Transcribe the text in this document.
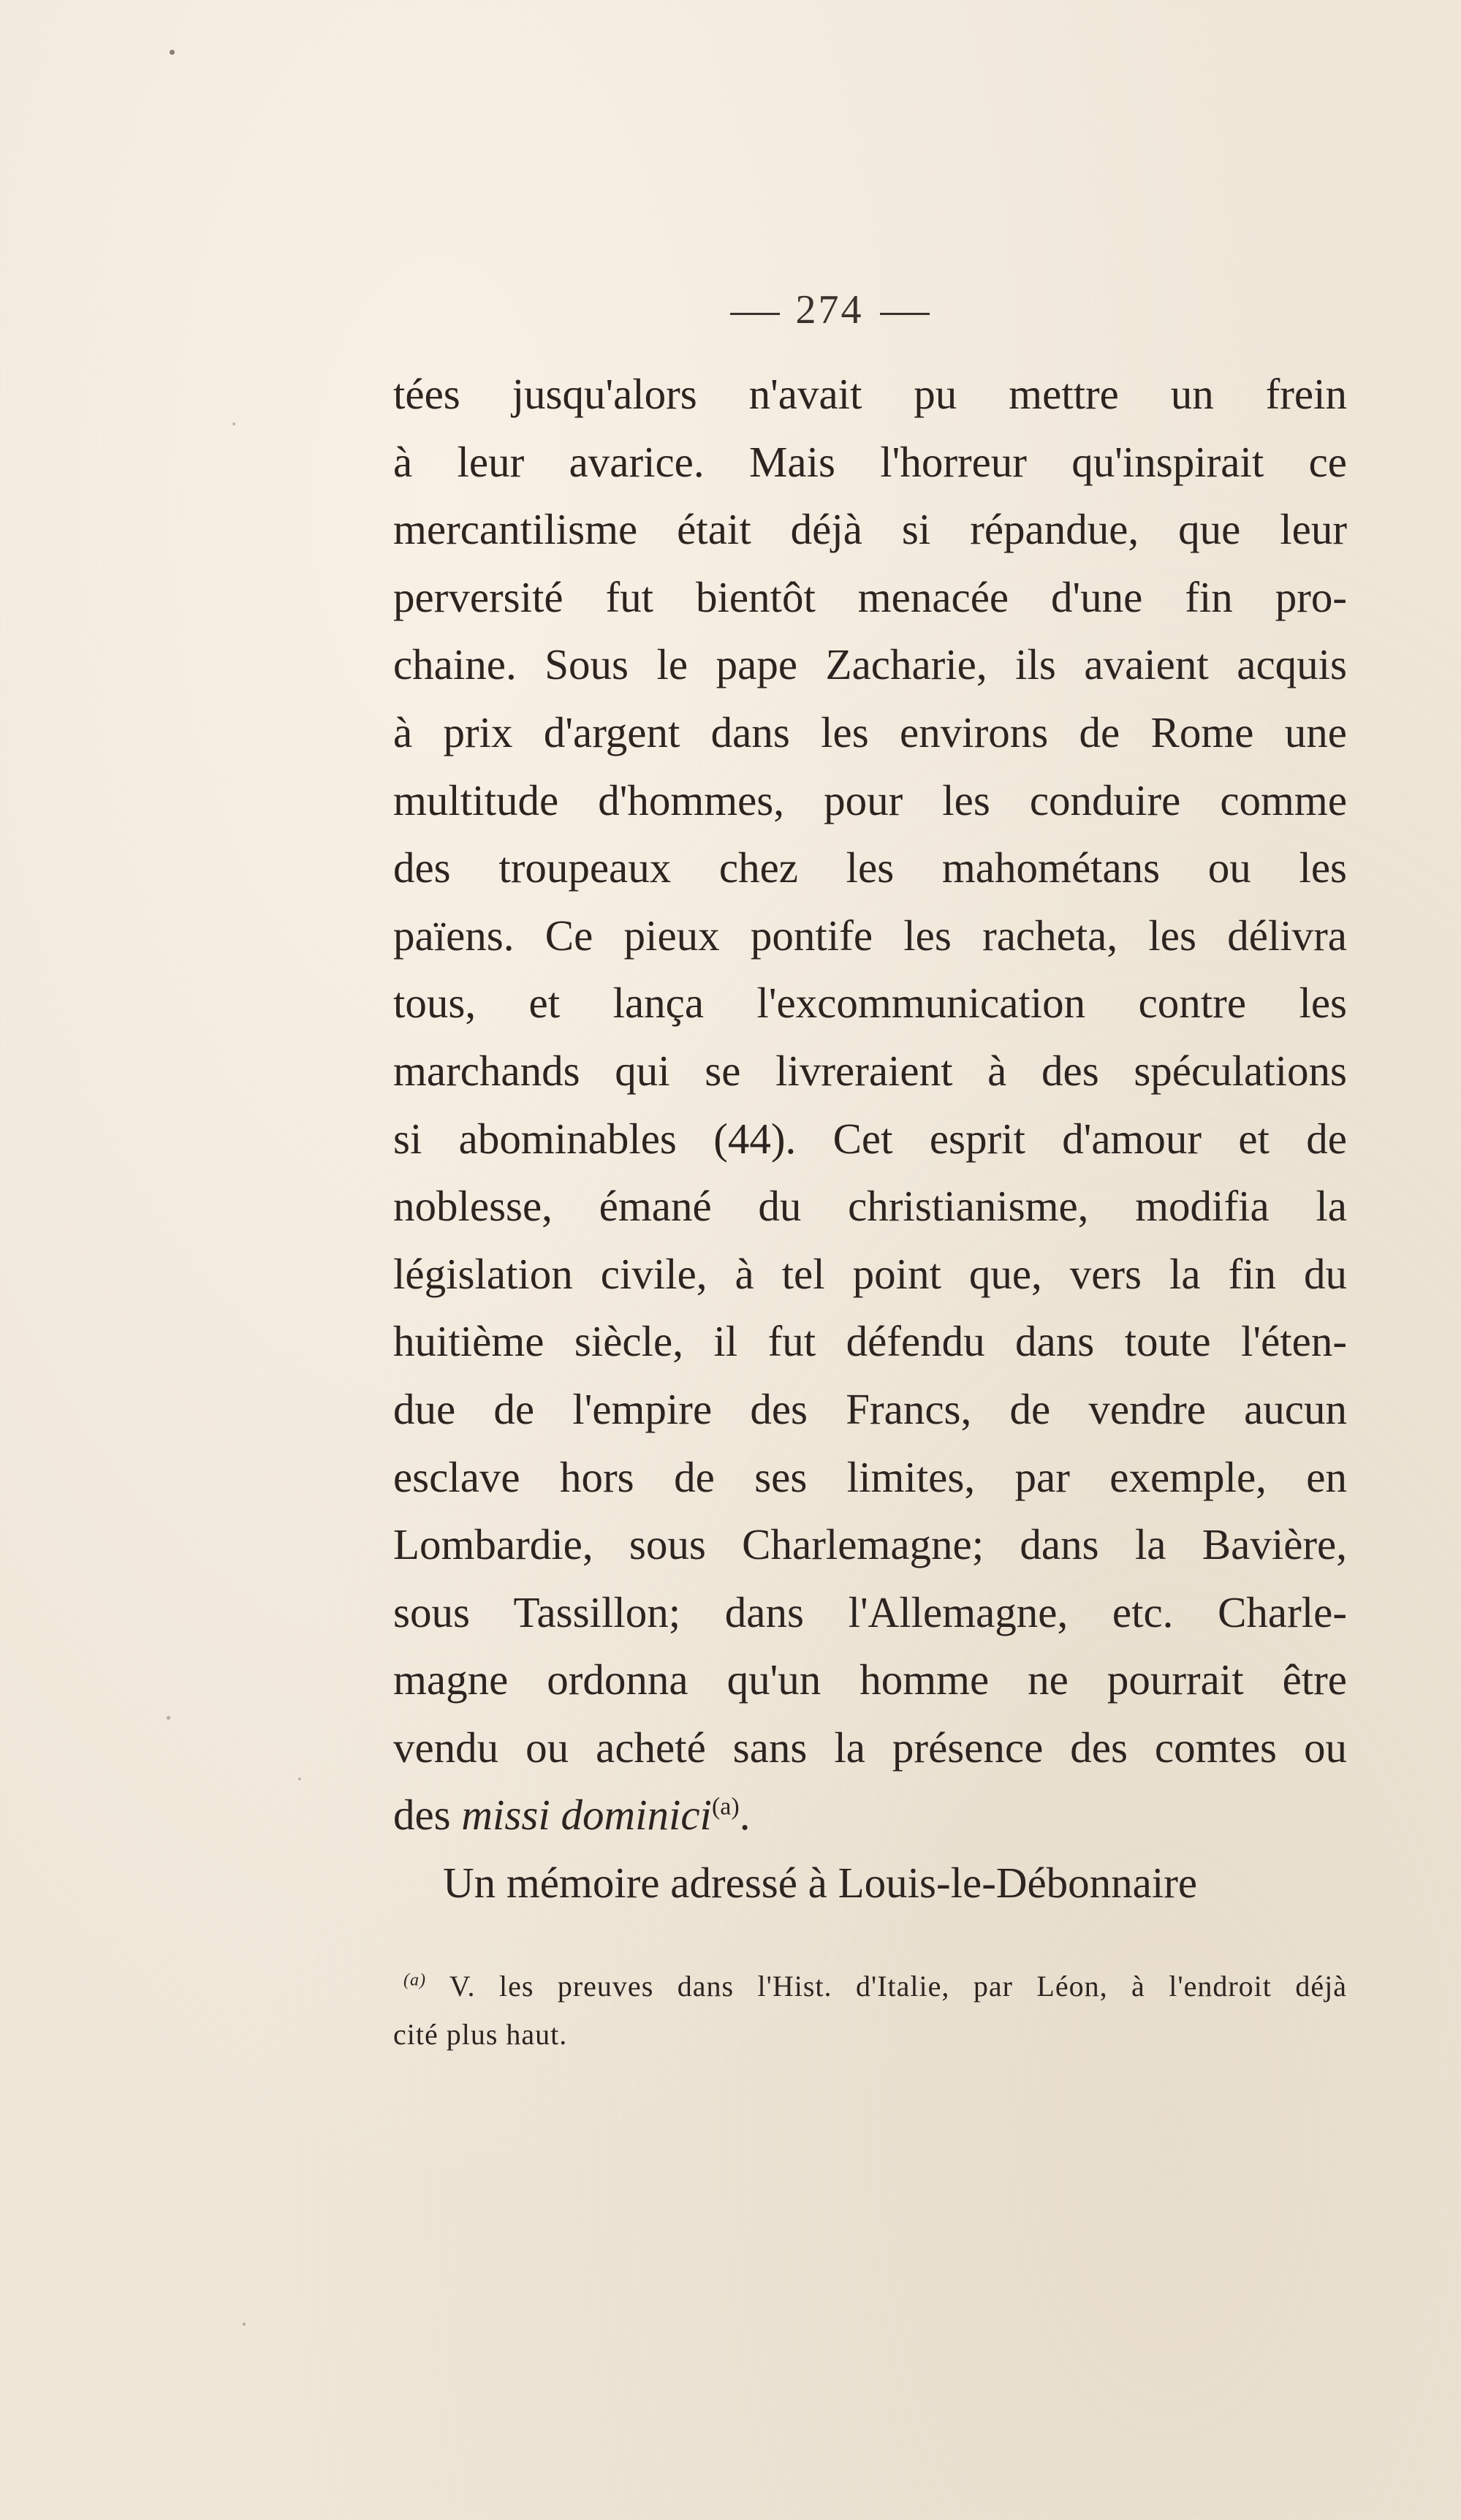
274
tées jusqu'alors n'avait pu mettre un frein
à leur avarice. Mais l'horreur qu'inspirait ce
mercantilisme était déjà si répandue, que leur
perversité fut bientôt menacée d'une fin pro-
chaine. Sous le pape Zacharie, ils avaient acquis
à prix d'argent dans les environs de Rome une
multitude d'hommes, pour les conduire comme
des troupeaux chez les mahométans ou les
païens. Ce pieux pontife les racheta, les délivra
tous, et lança l'excommunication contre les
marchands qui se livreraient à des spéculations
si abominables (44). Cet esprit d'amour et de
noblesse, émané du christianisme, modifia la
législation civile, à tel point que, vers la fin du
huitième siècle, il fut défendu dans toute l'éten-
due de l'empire des Francs, de vendre aucun
esclave hors de ses limites, par exemple, en
Lombardie, sous Charlemagne; dans la Bavière,
sous Tassillon; dans l'Allemagne, etc. Charle-
magne ordonna qu'un homme ne pourrait être
vendu ou acheté sans la présence des comtes ou
des missi dominici$^{(a)}$.
Un mémoire adressé à Louis-le-Débonnaire
$^{(a)}$ V. les preuves dans l'Hist. d'Italie, par Léon, à l'endroit déjà
cité plus haut.
